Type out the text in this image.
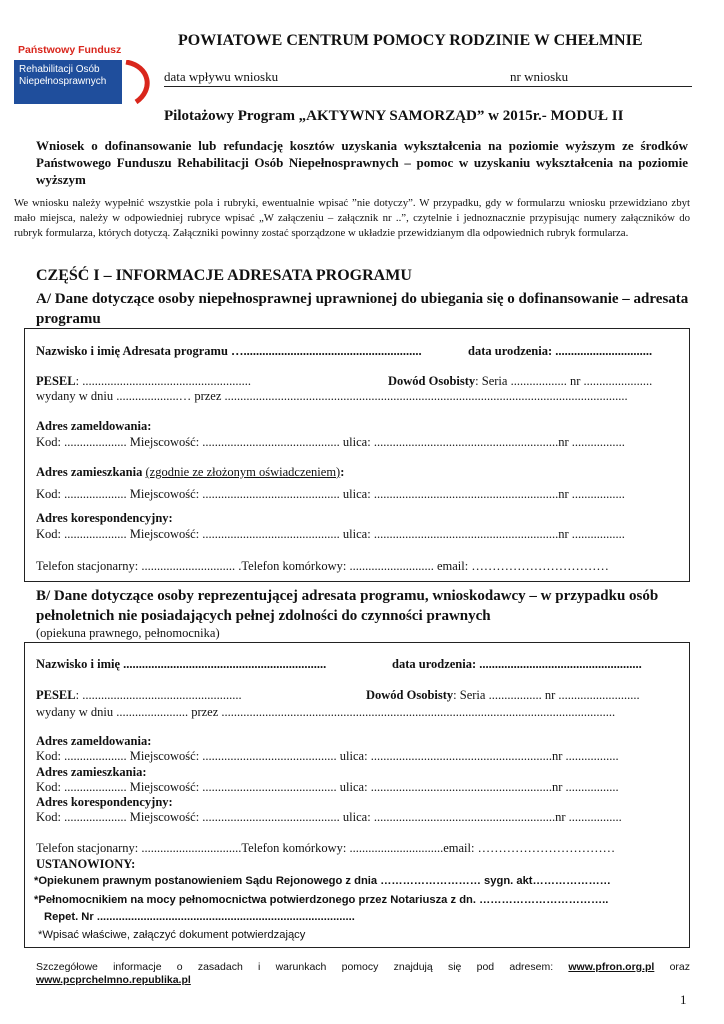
POWIATOWE CENTRUM POMOCY RODZINIE W CHEŁMNIE
Państwowy Fundusz
Rehabilitacji Osób
Niepełnosprawnych	data wpływu wniosku	nr wniosku
Pilotażowy Program „AKTYWNY SAMORZĄD” w 2015r.- MODUŁ II
Wniosek o dofinansowanie lub refundację kosztów uzyskania wykształcenia na poziomie wyższym ze środków Państwowego Funduszu Rehabilitacji Osób Niepełnosprawnych – pomoc w uzyskaniu wykształcenia na poziomie wyższym
We wniosku należy wypełnić wszystkie pola i rubryki, ewentualnie wpisać ”nie dotyczy”. W przypadku, gdy w formularzu wniosku przewidziano zbyt mało miejsca, należy w odpowiedniej rubryce wpisać „W załączeniu – załącznik nr ..”, czytelnie i jednoznacznie przypisując numery załączników do rubryk formularza, których dotyczą. Załączniki powinny zostać sporządzone w układzie przewidzianym dla odpowiednich rubryk formularza.
CZĘŚĆ I – INFORMACJE ADRESATA PROGRAMU
A/ Dane dotyczące osoby niepełnosprawnej uprawnionej do ubiegania się o dofinansowanie – adresata programu
Nazwisko i imię Adresata programu ….........................................................	data urodzenia: ...............................
PESEL: ......................................................	Dowód Osobisty: Seria .................. nr ......................
wydany w dniu ....................… przez .................................................................................................................................
Adres zameldowania:
Kod: .................... Miejscowość: ............................................ ulica: ...........................................................nr .................
Adres zamieszkania (zgodnie ze złożonym oświadczeniem):
Kod: .................... Miejscowość: ............................................ ulica: ...........................................................nr .................
Adres korespondencyjny:
Kod: .................... Miejscowość: ............................................ ulica: ...........................................................nr .................
Telefon stacjonarny: .............................. .Telefon komórkowy: ........................... email: ……………………………
B/ Dane dotyczące osoby reprezentującej adresata programu, wnioskodawcy – w przypadku osób pełnoletnich nie posiadających pełnej zdolności do czynności prawnych
(opiekuna prawnego, pełnomocnika)
Nazwisko i imię .................................................................	data urodzenia: ....................................................
PESEL: ...................................................	Dowód Osobisty: Seria ................. nr ..........................
wydany w dniu ....................... przez ..............................................................................................................................
Adres zameldowania:
Kod: .................... Miejscowość: ........................................... ulica: ..........................................................nr .................
Adres zamieszkania:
Kod: .................... Miejscowość: ........................................... ulica: ..........................................................nr .................
Adres korespondencyjny:
Kod: .................... Miejscowość: ............................................ ulica: ..........................................................nr .................
Telefon stacjonarny: ................................Telefon komórkowy: ..............................email: ……………………………
USTANOWIONY:
*Opiekunem prawnym postanowieniem Sądu Rejonowego z dnia ……………………… sygn. akt…………………
*Pełnomocnikiem na mocy pełnomocnictwa potwierdzonego przez Notariusza z dn. ……………………………..
Repet. Nr ...................................................................................
*Wpisać właściwe, załączyć dokument potwierdzający
Szczegółowe informacje o zasadach i warunkach pomocy znajdują się pod adresem: www.pfron.org.pl oraz
www.pcprchelmno.republika.pl
1
